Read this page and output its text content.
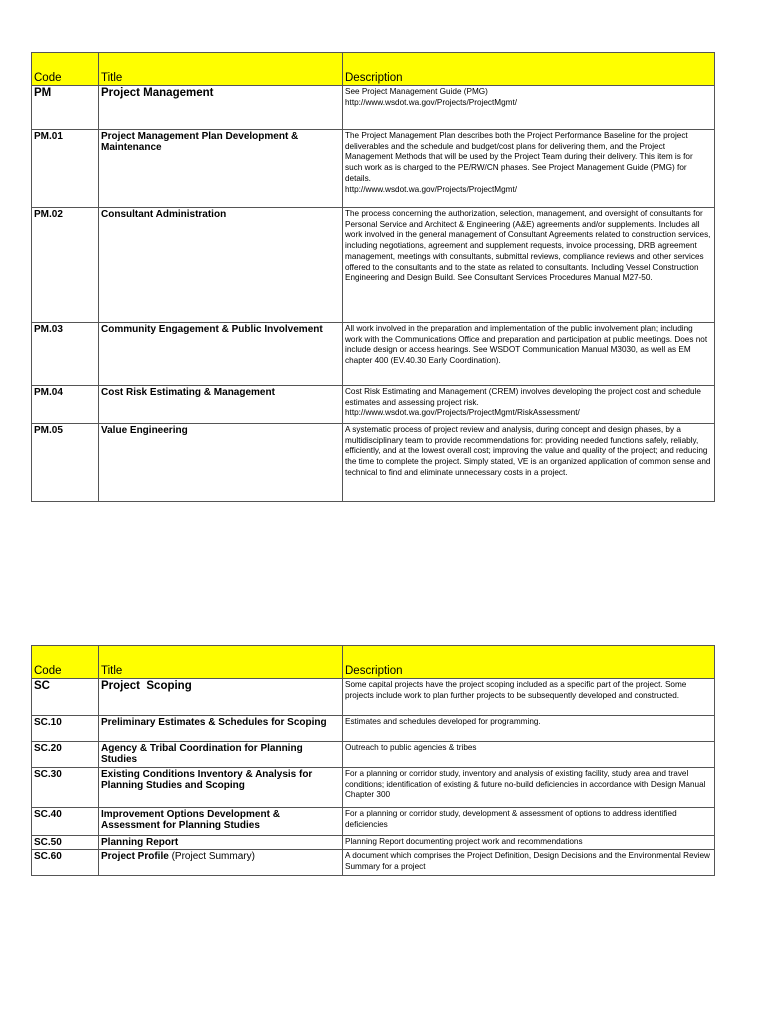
Code	Title	Description
PM	Project Management	See Project Management Guide (PMG)
http://www.wsdot.wa.gov/Projects/ProjectMgmt/
PM.01	Project Management Plan Development & Maintenance	The Project Management Plan describes both the Project Performance Baseline for the project deliverables and the schedule and budget/cost plans for delivering them, and the Project Management Methods that will be used by the Project Team during their delivery. This item is for such work as is charged to the PE/RW/CN phases. See Project Management Guide (PMG) for details.
http://www.wsdot.wa.gov/Projects/ProjectMgmt/
PM.02	Consultant Administration	The process concerning the authorization, selection, management, and oversight of consultants for Personal Service and Architect & Engineering (A&E) agreements and/or supplements. Includes all work involved in the general management of Consultant Agreements related to construction services, including negotiations, agreement and supplement requests, invoice processing, DRB agreement management, meetings with consultants, submittal reviews, compliance reviews and other services offered to the consultants and to the state as related to consultants. Including Vessel Construction Engineering and Design Build. See Consultant Services Procedures Manual M27-50.
PM.03	Community Engagement & Public Involvement	All work involved in the preparation and implementation of the public involvement plan; including work with the Communications Office and preparation and participation at public meetings. Does not include design or access hearings. See WSDOT Communication Manual M3030, as well as EM chapter 400 (EV.40.30 Early Coordination).
PM.04	Cost Risk Estimating & Management	Cost Risk Estimating and Management (CREM) involves developing the project cost and schedule estimates and assessing project risk.
http://www.wsdot.wa.gov/Projects/ProjectMgmt/RiskAssessment/
PM.05	Value Engineering	A systematic process of project review and analysis, during concept and design phases, by a multidisciplinary team to provide recommendations for: providing needed functions safely, reliably, efficiently, and at the lowest overall cost; improving the value and quality of the project; and reducing the time to complete the project. Simply stated, VE is an organized application of common sense and technical to find and eliminate unnecessary costs in a project.
Code	Title	Description
SC	Project  Scoping	Some capital projects have the project scoping included as a specific part of the project. Some projects include work to plan further projects to be subsequently developed and constructed.
SC.10	Preliminary Estimates & Schedules for Scoping	Estimates and schedules developed for programming.
SC.20	Agency & Tribal Coordination for Planning Studies	Outreach to public agencies & tribes
SC.30	Existing Conditions Inventory & Analysis for Planning Studies and Scoping	For a planning or corridor study, inventory and analysis of existing facility, study area and travel conditions; identification of existing & future no-build deficiencies in accordance with Design Manual Chapter 300
SC.40	Improvement Options Development & Assessment for Planning Studies	For a planning or corridor study, development & assessment of options to address identified deficiencies
SC.50	Planning Report	Planning Report documenting project work and recommendations
SC.60	Project Profile (Project Summary)	A document which comprises the Project Definition, Design Decisions and the Environmental Review Summary for a project
